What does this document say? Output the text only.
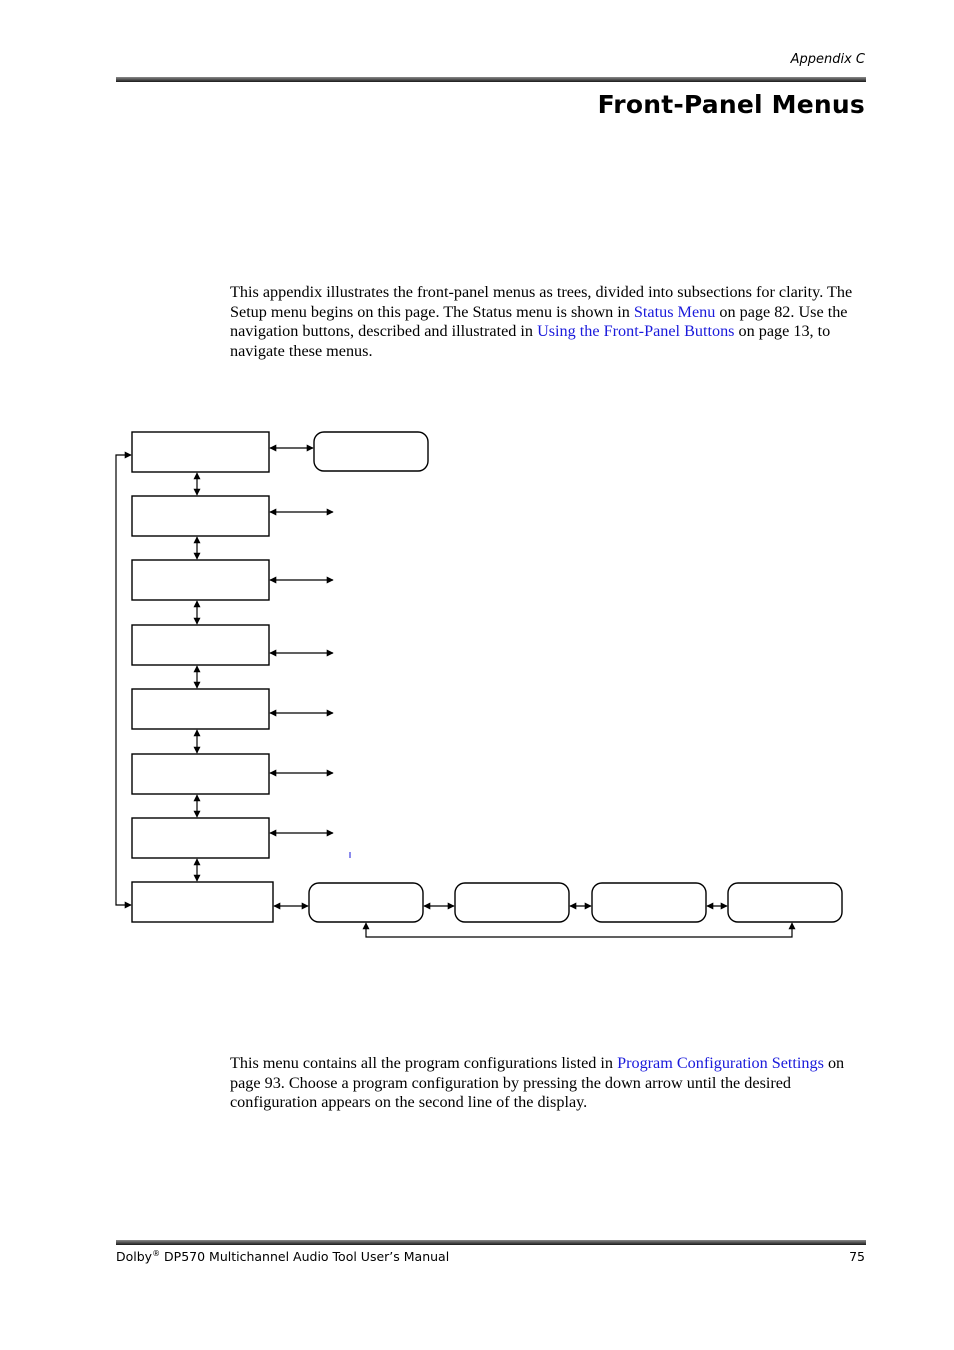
Appendix C
Front-Panel Menus
This appendix illustrates the front-panel menus as trees, divided into subsections for clarity. The Setup menu begins on this page. The Status menu is shown in Status Menu on page 82. Use the navigation buttons, described and illustrated in Using the Front-Panel Buttons on page 13, to navigate these menus.
This menu contains all the program configurations listed in Program Configuration Settings on page 93. Choose a program configuration by pressing the down arrow until the desired configuration appears on the second line of the display.
Dolby® DP570 Multichannel Audio Tool User’s Manual	75
